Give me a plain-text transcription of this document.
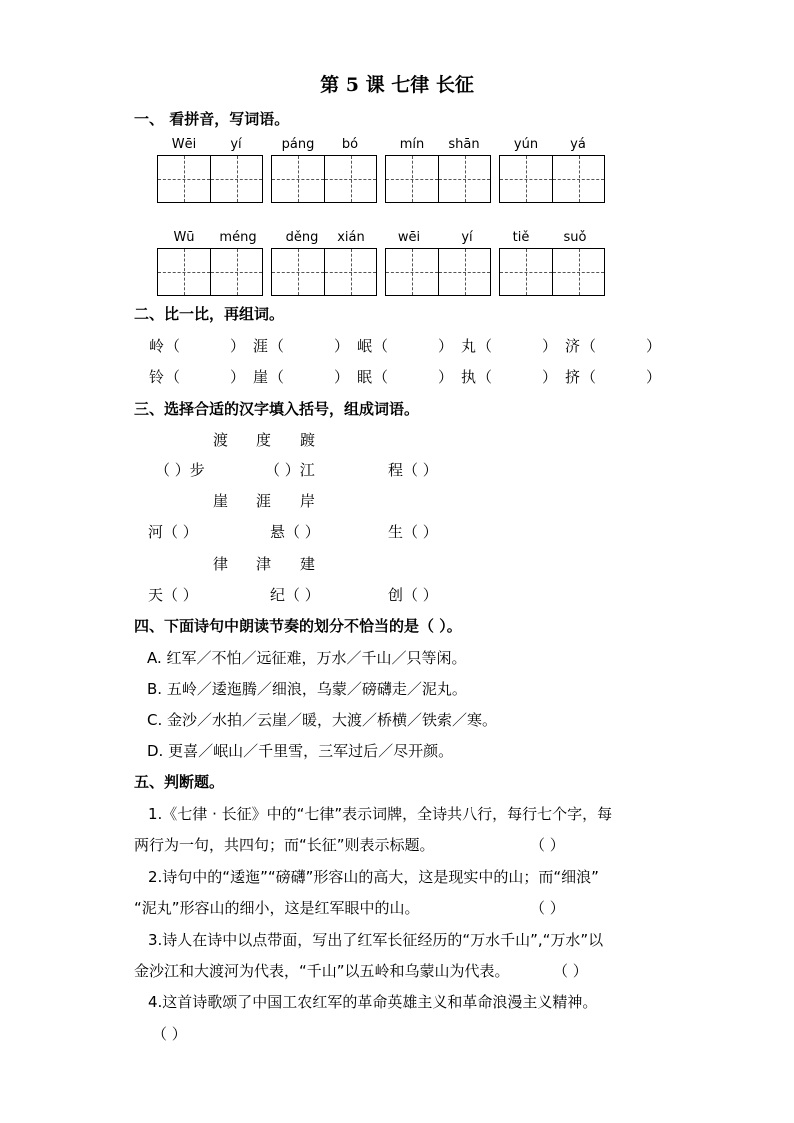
第 5 课 七律 长征
一、 看拼音，写词语。
Wēi	yí	páng	bó	mín	shān	yún	yá
Wū	méng	děng	xián	wēi	yí	tiě	suǒ
二、比一比，再组词。
岭 （	） 涯 （	） 岷 （	） 丸 （	） 济 （	）
铃 （	） 崖 （	） 眠 （	） 执 （	） 挤 （	）
三、选择合适的汉字填入括号，组成词语。
渡 度 踱
（ ）步	（ ）江	程（ ）
崖 涯 岸
河（ ）	悬（ ）	生（ ）
律 津 建
天（ ）	纪（ ）	创（ ）
四、下面诗句中朗读节奏的划分不恰当的是（ ）。
A. 红军／不怕／远征难，万水／千山／只等闲。
B. 五岭／逶迤腾／细浪，乌蒙／磅礴走／泥丸。
C. 金沙／水拍／云崖／暖，大渡／桥横／铁索／寒。
D. 更喜／岷山／千里雪，三军过后／尽开颜。
五、判断题。
1.《七律 · 长征》中的“七律”表示词牌，全诗共八行，每行七个字，每
两行为一句，共四句；而“长征”则表示标题。	（ ）
2.诗句中的“逶迤”“磅礴”形容山的高大，这是现实中的山；而“细浪”
“泥丸”形容山的细小，这是红军眼中的山。	（ ）
3.诗人在诗中以点带面，写出了红军长征经历的“万水千山”,“万水”以
金沙江和大渡河为代表，“千山”以五岭和乌蒙山为代表。	（ ）
4.这首诗歌颂了中国工农红军的革命英雄主义和革命浪漫主义精神。
（ ）
